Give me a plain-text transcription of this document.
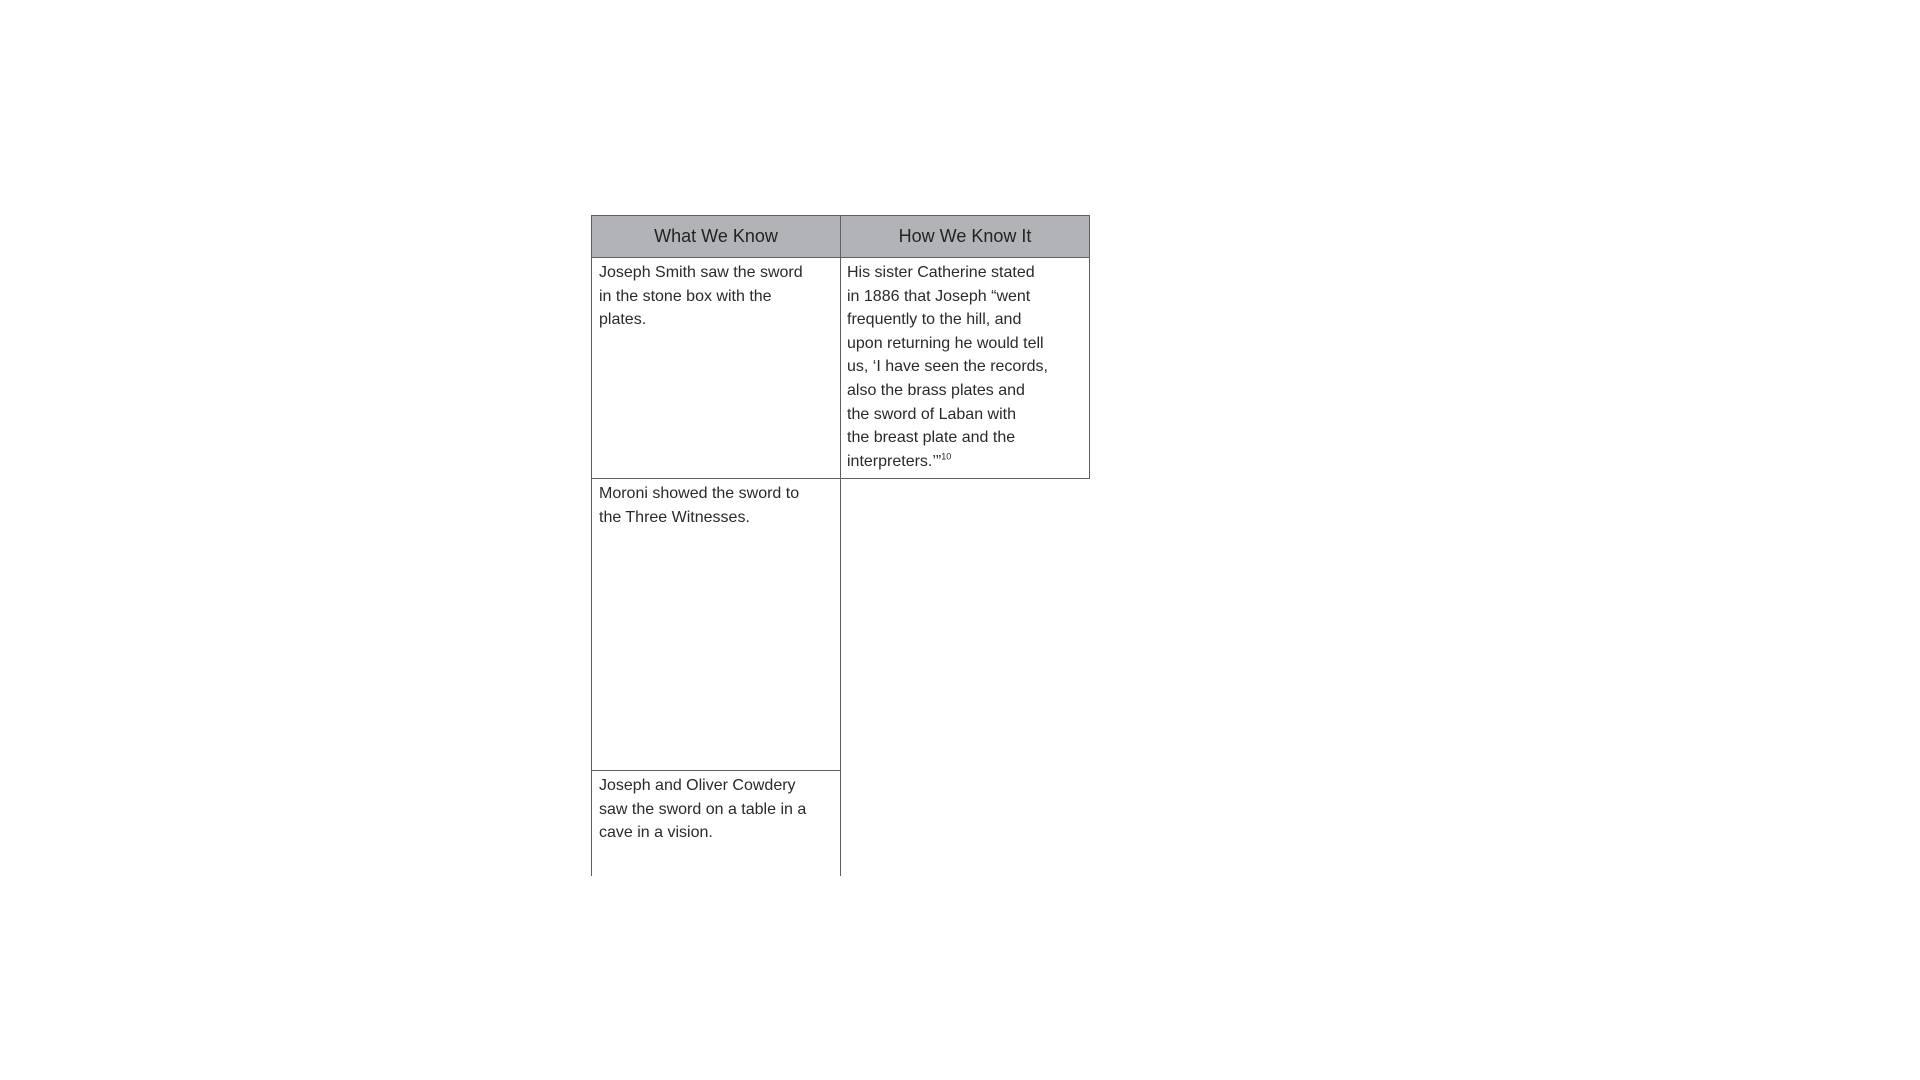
What We Know	How We Know It
Joseph Smith saw the sword
in the stone box with the
plates.
His sister Catherine stated
in 1886 that Joseph “went
frequently to the hill, and
upon returning he would tell
us, ‘I have seen the records,
also the brass plates and
the sword of Laban with
the breast plate and the
interpreters.’”$^{10}$
Moroni showed the sword to
the Three Witnesses.
Joseph and Oliver Cowdery
saw the sword on a table in a
cave in a vision.
